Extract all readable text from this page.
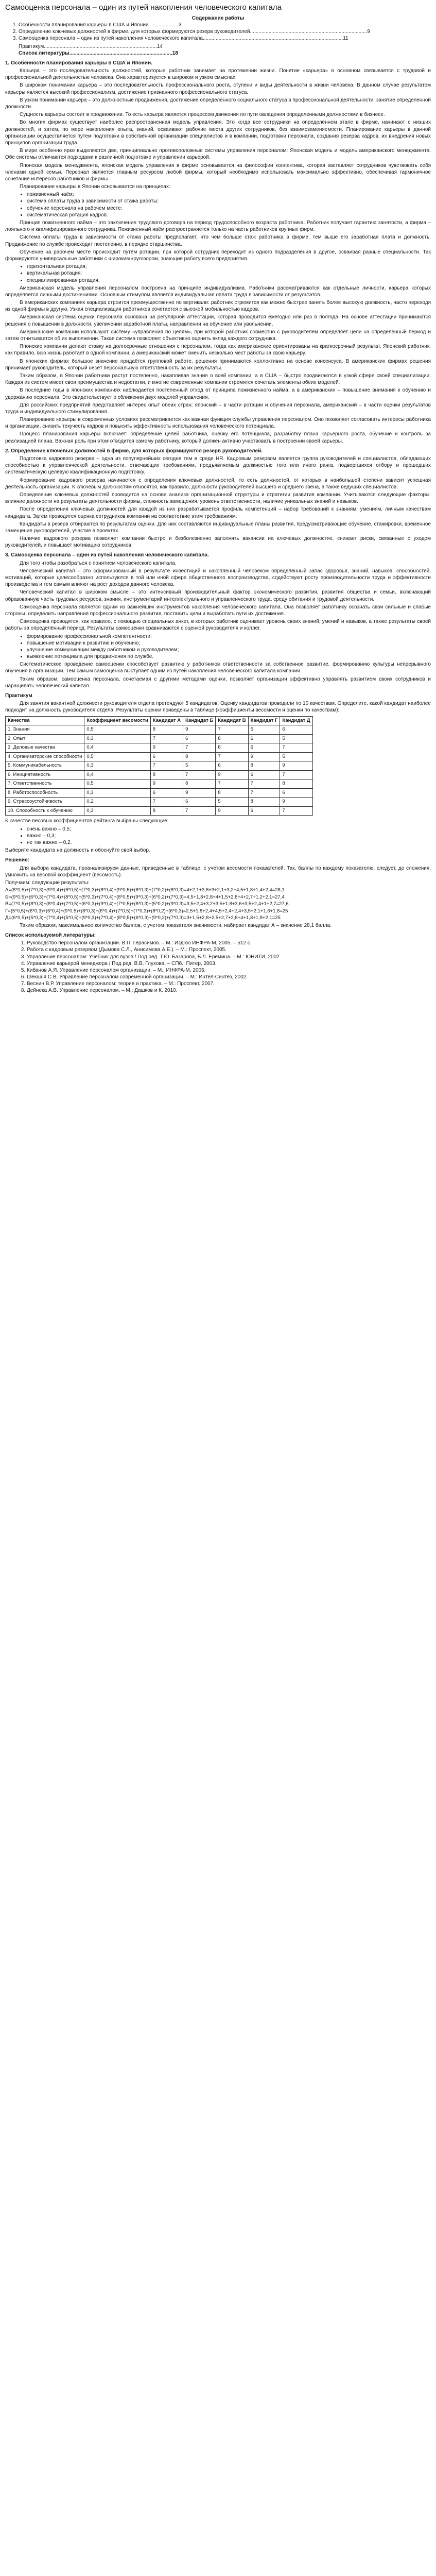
Самооценка персонала – один из путей накопления человеческого капитала
Содержание работы
1. Особенности планирования карьеры в США и Японии.....................3
2. Определение ключевых должностей в фирме, для которых формируются резерв руководителей..................................................................................9
3. Самооценка персонала – один из путей накопления человеческого капитала..................................................................................................11
Практикум...............................................................................14
Список литературы........................................................................18
1. Особенности планирования карьеры в США и Японии.

Карьера – это последовательность должностей, которые работник занимает на протяжении жизни. Понятие «карьера» в основном связывается с трудовой и профессиональной деятельностью человека. Она характеризуется в широком и узком смыслах.

В широком понимании карьера – это последовательность профессионального роста, ступени и виды деятельности в жизни человека. В данном случае результатом карьеры является высокий профессионализм, достижение признанного профессионального статуса.

В узком понимании карьера – это должностные продвижения, достижение определенного социального статуса в профессиональной деятельности, занятие определенной должности.

Сущность карьеры состоит в продвижении. То есть карьера является процессом движения по пути овладения определенными должностями в бизнесе.

Во многих фирмах существует наиболее распространенная модель управления. Это когда все сотрудники на определённом этапе в фирме, начинают с низших должностей, и затем, по мере накопления опыта, знаний, осваивают рабочие места других сотрудников, без взаимозаменяемости. Планирование карьеры в данной организации осуществляется путем подготовки в собственной организации специалистов и в компании, подготовки персонала, создания резерва кадров, их внедрения новых принципов организации труда.

В мире особенно ярко выделяются две, принципиально противоположные системы управления персоналом: Японская модель и модель американского менеджмента. Обе системы отличаются подходами к различной подготовке и управлении карьерой.

Японская модель менеджмента, японская модель управления в фирме основывается на философии коллектива, которая заставляет сотрудников чувствовать себя членами одной семьи. Персонал является главным ресурсом любой фирмы, который необходимо использовать максимально эффективно, обеспечивая гармоничное сочетание интересов работников и фирмы.

Планирование карьеры в Японии основывается на принципах:

• пожизненный наём;
• система оплаты труда в зависимости от стажа работы;
• обучение персонала на рабочем месте;
• систематическая ротация кадров.

Принцип пожизненного найма – это заключение трудового договора на период трудоспособного возраста работника. Работник получает гарантию занятости, а фирма – лояльного и квалифицированного сотрудника. Пожизненный наём распространяется только на часть работников крупных фирм.

Система оплаты труда в зависимости от стажа работы предполагает, что чем больше стаж работника в фирме, тем выше его заработная плата и должность. Продвижение по службе происходит постепенно, в порядке старшинства.

Обучение на рабочем месте происходит путём ротации, при которой сотрудник переходит из одного подразделения в другое, осваивая разные специальности. Так формируются универсальные работники с широким кругозором, знающие работу всего предприятия.

• горизонтальная ротация;
• вертикальная ротация;
• специализированная ротация.

Американская модель управления персоналом построена на принципе индивидуализма. Работники рассматриваются как отдельные личности, карьера которых определяется личными достижениями. Основным стимулом является индивидуальная оплата труда в зависимости от результатов.

В американских компаниях карьера строится преимущественно по вертикали: работник стремится как можно быстрее занять более высокую должность, часто переходя из одной фирмы в другую. Узкая специализация работников сочетается с высокой мобильностью кадров.

Американская система оценки персонала основана на регулярной аттестации, которая проводится ежегодно или раз в полгода. На основе аттестации принимаются решения о повышении в должности, увеличении заработной платы, направлении на обучение или увольнении.

Американские компании используют систему «управления по целям», при которой работник совместно с руководителем определяет цели на определённый период и затем отчитывается об их выполнении. Такая система позволяет объективно оценить вклад каждого сотрудника.

Японские компании делают ставку на долгосрочные отношения с персоналом, тогда как американские ориентированы на краткосрочный результат. Японский работник, как правило, всю жизнь работает в одной компании, а американский может сменить несколько мест работы за свою карьеру.

В японских фирмах большое значение придаётся групповой работе, решения принимаются коллективно на основе консенсуса. В американских фирмах решения принимает руководитель, который несёт персональную ответственность за их результаты.

Таким образом, в Японии работники растут постепенно, накапливая знания о всей компании, а в США – быстро продвигаются в узкой сфере своей специализации. Каждая из систем имеет свои преимущества и недостатки, и многие современные компании стремятся сочетать элементы обеих моделей.

В последние годы в японских компаниях наблюдается постепенный отход от принципа пожизненного найма, а в американских – повышение внимания к обучению и удержанию персонала. Это свидетельствует о сближении двух моделей управления.

Для российских предприятий представляет интерес опыт обеих стран: японский – в части ротации и обучения персонала, американский – в части оценки результатов труда и индивидуального стимулирования.

Планирование карьеры в современных условиях рассматривается как важная функция службы управления персоналом. Оно позволяет согласовать интересы работника и организации, снизить текучесть кадров и повысить эффективность использования человеческого потенциала.

Процесс планирования карьеры включает: определение целей работника, оценку его потенциала, разработку плана карьерного роста, обучение и контроль за реализацией плана. Важная роль при этом отводится самому работнику, который должен активно участвовать в построении своей карьеры.

2. Определение ключевых должностей в фирме, для которых формируются резерв руководителей.

Подготовка кадрового резерва – одна из популярнейших сегодня тем в среде HR. Кадровым резервом является группа руководителей и специалистов, обладающих способностью к управленческой деятельности, отвечающих требованиям, предъявляемым должностью того или иного ранга, подвергшихся отбору и прошедших систематическую целевую квалификационную подготовку.

Формирование кадрового резерва начинается с определения ключевых должностей, то есть должностей, от которых в наибольшей степени зависит успешная деятельность организации. К ключевым должностям относятся, как правило, должности руководителей высшего и среднего звена, а также ведущих специалистов.

Определение ключевых должностей проводится на основе анализа организационной структуры и стратегии развития компании. Учитываются следующие факторы: влияние должности на результаты деятельности фирмы, сложность замещения, уровень ответственности, наличие уникальных знаний и навыков.

После определения ключевых должностей для каждой из них разрабатывается профиль компетенций – набор требований к знаниям, умениям, личным качествам кандидата. Затем проводится оценка сотрудников компании на соответствие этим требованиям.

Кандидаты в резерв отбираются по результатам оценки. Для них составляются индивидуальные планы развития, предусматривающие обучение, стажировки, временное замещение руководителей, участие в проектах.

Наличие кадрового резерва позволяет компании быстро и безболезненно заполнять вакансии на ключевых должностях, снижает риски, связанные с уходом руководителей, и повышает мотивацию сотрудников.

3. Самооценка персонала – один из путей накопления человеческого капитала.

Для того чтобы разобраться с понятием человеческого капитала.

Человеческий капитал – это сформированный в результате инвестиций и накопленный человеком определённый запас здоровья, знаний, навыков, способностей, мотиваций, которые целесообразно используются в той или иной сфере общественного воспроизводства, содействуют росту производительности труда и эффективности производства и тем самым влияют на рост доходов данного человека.

Человеческий капитал в широком смысле – это интенсивный производительный фактор экономического развития, развития общества и семьи, включающий образованную часть трудовых ресурсов, знания, инструментарий интеллектуального и управленческого труда, среду обитания и трудовой деятельности.

Самооценка персонала является одним из важнейших инструментов накопления человеческого капитала. Она позволяет работнику осознать свои сильные и слабые стороны, определить направления профессионального развития, поставить цели и выработать пути их достижения.

Самооценка проводится, как правило, с помощью специальных анкет, в которых работник оценивает уровень своих знаний, умений и навыков, а также результаты своей работы за определённый период. Результаты самооценки сравниваются с оценкой руководителя и коллег.

• формирование профессиональной компетентности;
• повышение мотивации к развитию и обучению;
• улучшение коммуникации между работником и руководителем;
• выявление потенциала для продвижения по службе.

Систематическое проведение самооценки способствует развитию у работников ответственности за собственное развитие, формированию культуры непрерывного обучения в организации. Тем самым самооценка выступает одним из путей накопления человеческого капитала компании.

Таким образом, самооценка персонала, сочетаемая с другими методами оценки, позволяет организации эффективно управлять развитием своих сотрудников и наращивать человеческий капитал.

Практикум

Для занятия вакантной должности руководителя отдела претендуют 5 кандидатов. Оценку кандидатов проводили по 10 качествам. Определите, какой кандидат наиболее подходит на должность руководителя отдела. Результаты оценки приведены в таблице (коэффициенты весомости и оценки по качествам):

Качества	Коэффициент весомости	Кандидат А	Кандидат Б	Кандидат В	Кандидат Г	Кандидат Д
1. Знания	0,5	8	9	7	5	6
2. Опыт	0,3	7	6	8	6	5
3. Деловые качества	0,4	9	7	8	6	7
4. Организаторские способности	0,5	6	8	7	9	5
5. Коммуникабельность	0,3	7	5	6	8	9
6. Инициативность	0,4	8	7	9	6	7
7. Ответственность	0,5	9	8	7	7	8
8. Работоспособность	0,3	6	9	8	7	6
9. Стрессоустойчивость	0,2	7	6	5	8	9
10. Способность к обучению	0,3	8	7	9	6	7

К качестве весовых коэффициентов рейтинга выбраны следующие:

• очень важно – 0,5;
• важно – 0,3;
• не так важно – 0,2.

Выберите кандидата на должность и обоснуйте свой выбор.

Решение:

Для выбора кандидата, проанализируем данные, приведенные в таблице, с учетом весомости показателей. Так, баллы по каждому показателю, следует, до сложения, умножить на весовой коэффициент (весомость).

Получаем: следующие результаты:

А=(8*0,5)+(7*0,3)+(9*0,4)+(6*0,5)+(7*0,3)+(8*0,4)+(9*0,5)+(6*0,3)+(7*0,2)+(8*0,3)=4+2,1+3,6+3+2,1+3,2+4,5+1,8+1,4+2,4=28,1
Б=(9*0,5)+(6*0,3)+(7*0,4)+(8*0,5)+(5*0,3)+(7*0,4)+(8*0,5)+(9*0,3)+(6*0,2)+(7*0,3)=4,5+1,8+2,8+4+1,5+2,8+4+2,7+1,2+2,1=27,4
В=(7*0,5)+(8*0,3)+(8*0,4)+(7*0,5)+(6*0,3)+(9*0,4)+(7*0,5)+(8*0,3)+(5*0,2)+(9*0,3)=3,5+2,4+3,2+3,5+1,8+3,6+3,5+2,4+1+2,7=27,6
Г=(5*0,5)+(6*0,3)+(6*0,4)+(9*0,5)+(8*0,3)+(6*0,4)+(7*0,5)+(7*0,3)+(8*0,2)+(6*0,3)=2,5+1,8+2,4+4,5+2,4+2,4+3,5+2,1+1,6+1,8=25
Д=(6*0,5)+(5*0,3)+(7*0,4)+(5*0,5)+(9*0,3)+(7*0,4)+(8*0,5)+(6*0,3)+(9*0,2)+(7*0,3)=3+1,5+2,8+2,5+2,7+2,8+4+1,8+1,8+2,1=25

Таким образом, максимальное количество баллов, с учетом показателя значимости, набирает кандидат А – значение 28,1 балла.

Список используемой литературы:
1. Руководство персоналом организации. В.П. Герасимов. – М.: Изд-во ИНФРА-М, 2005. – 512 с.
2. Работа с кадровым резервом (Дымова С.Л., Анисимова А.Е.). – М.: Проспект, 2005.
3. Управление персоналом: Учебник для вузов / Под ред. Т.Ю. Базарова, Б.Л. Еремина. – М.: ЮНИТИ, 2002.
4. Управление карьерой менеджера / Под ред. В.В. Глухова. – СПб.: Питер, 2003.
5. Кибанов А.Я. Управление персоналом организации. – М.: ИНФРА-М, 2005.
6. Шекшня С.В. Управление персоналом современной организации. – М.: Интел-Синтез, 2002.
7. Веснин В.Р. Управление персоналом: теория и практика. – М.: Проспект, 2007.
8. Дейнека А.В. Управление персоналом. – М.: Дашков и К, 2010.
